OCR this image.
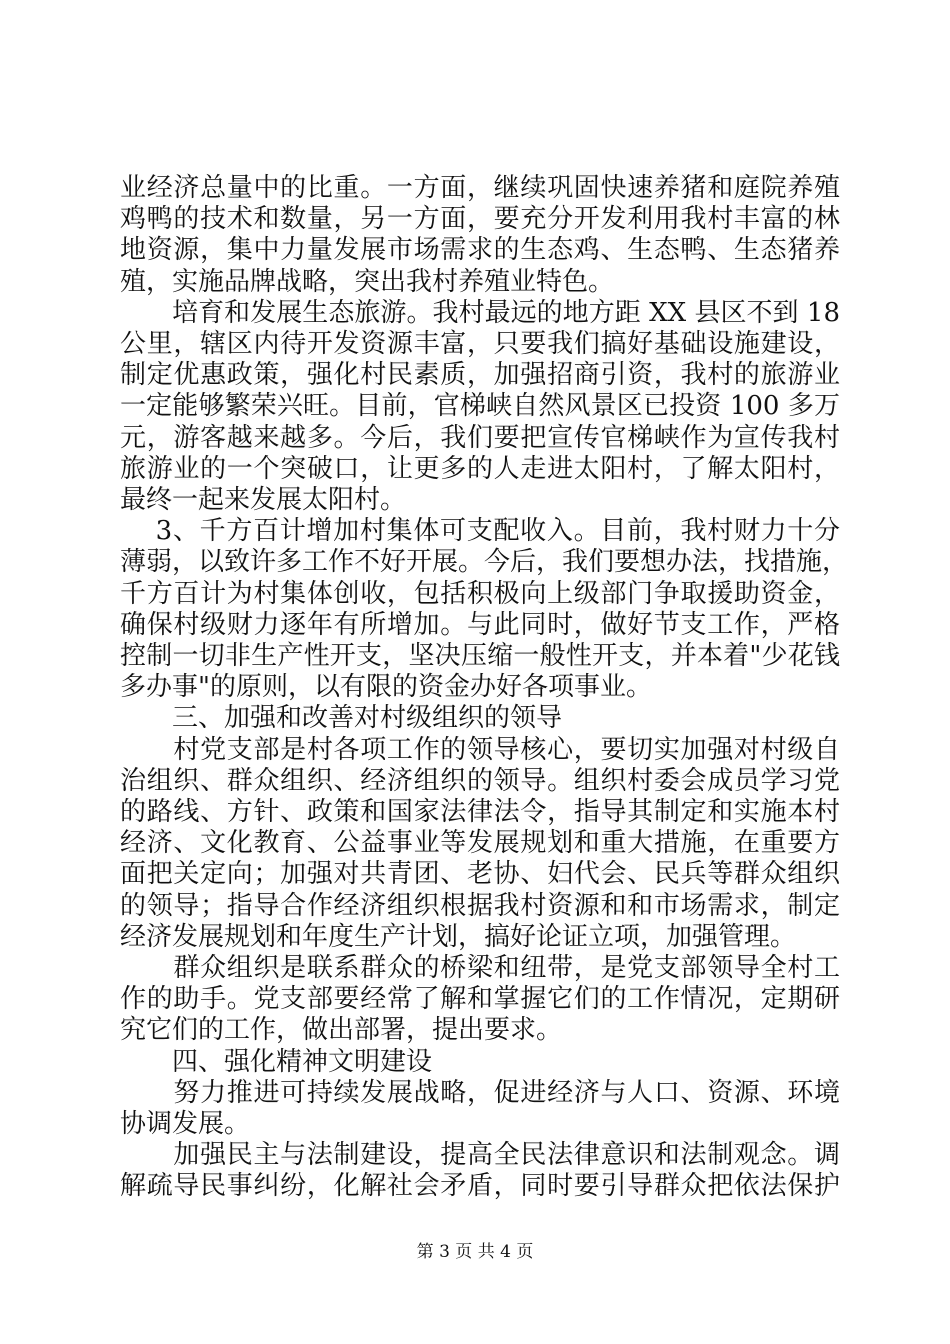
业经济总量中的比重。一方面，继续巩固快速养猪和庭院养殖
鸡鸭的技术和数量，另一方面，要充分开发利用我村丰富的林
地资源，集中力量发展市场需求的生态鸡、生态鸭、生态猪养
殖，实施品牌战略，突出我村养殖业特色。
　　培育和发展生态旅游。我村最远的地方距 XX 县区不到 18
公里，辖区内待开发资源丰富，只要我们搞好基础设施建设，
制定优惠政策，强化村民素质，加强招商引资，我村的旅游业
一定能够繁荣兴旺。目前，官梯峡自然风景区已投资 100 多万
元，游客越来越多。今后，我们要把宣传官梯峡作为宣传我村
旅游业的一个突破口，让更多的人走进太阳村，了解太阳村，
最终一起来发展太阳村。
　 3、千方百计增加村集体可支配收入。目前，我村财力十分
薄弱，以致许多工作不好开展。今后，我们要想办法，找措施，
千方百计为村集体创收，包括积极向上级部门争取援助资金，
确保村级财力逐年有所增加。与此同时，做好节支工作，严格
控制一切非生产性开支，坚决压缩一般性开支，并本着"少花钱
多办事"的原则，以有限的资金办好各项事业。
　　三、加强和改善对村级组织的领导
　　村党支部是村各项工作的领导核心，要切实加强对村级自
治组织、群众组织、经济组织的领导。组织村委会成员学习党
的路线、方针、政策和国家法律法令，指导其制定和实施本村
经济、文化教育、公益事业等发展规划和重大措施，在重要方
面把关定向；加强对共青团、老协、妇代会、民兵等群众组织
的领导；指导合作经济组织根据我村资源和和市场需求，制定
经济发展规划和年度生产计划，搞好论证立项，加强管理。
　　群众组织是联系群众的桥梁和纽带，是党支部领导全村工
作的助手。党支部要经常了解和掌握它们的工作情况，定期研
究它们的工作，做出部署，提出要求。
　　四、强化精神文明建设
　　努力推进可持续发展战略，促进经济与人口、资源、环境
协调发展。
　　加强民主与法制建设，提高全民法律意识和法制观念。调
解疏导民事纠纷，化解社会矛盾，同时要引导群众把依法保护
第 3 页 共 4 页
